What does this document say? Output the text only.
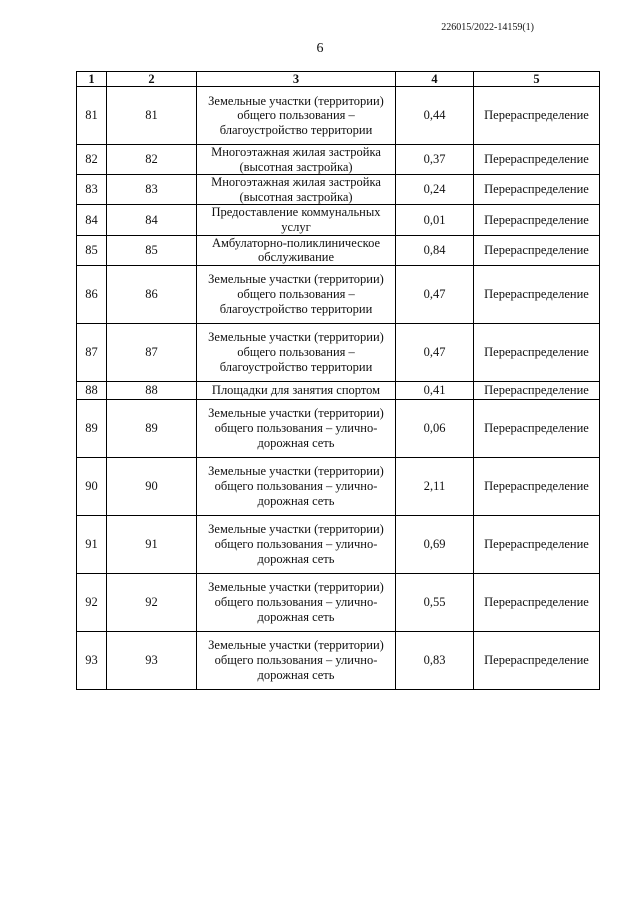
226015/2022-14159(1)
6
1	2	3	4	5
81	81	Земельные участки (территории) общего пользования – благоустройство территории	0,44	Перераспределение
82	82	Многоэтажная жилая застройка (высотная застройка)	0,37	Перераспределение
83	83	Многоэтажная жилая застройка (высотная застройка)	0,24	Перераспределение
84	84	Предоставление коммунальных услуг	0,01	Перераспределение
85	85	Амбулаторно-поликлиническое обслуживание	0,84	Перераспределение
86	86	Земельные участки (территории) общего пользования – благоустройство территории	0,47	Перераспределение
87	87	Земельные участки (территории) общего пользования – благоустройство территории	0,47	Перераспределение
88	88	Площадки для занятия спортом	0,41	Перераспределение
89	89	Земельные участки (территории) общего пользования – улично-дорожная сеть	0,06	Перераспределение
90	90	Земельные участки (территории) общего пользования – улично-дорожная сеть	2,11	Перераспределение
91	91	Земельные участки (территории) общего пользования – улично-дорожная сеть	0,69	Перераспределение
92	92	Земельные участки (территории) общего пользования – улично-дорожная сеть	0,55	Перераспределение
93	93	Земельные участки (территории) общего пользования – улично-дорожная сеть	0,83	Перераспределение
